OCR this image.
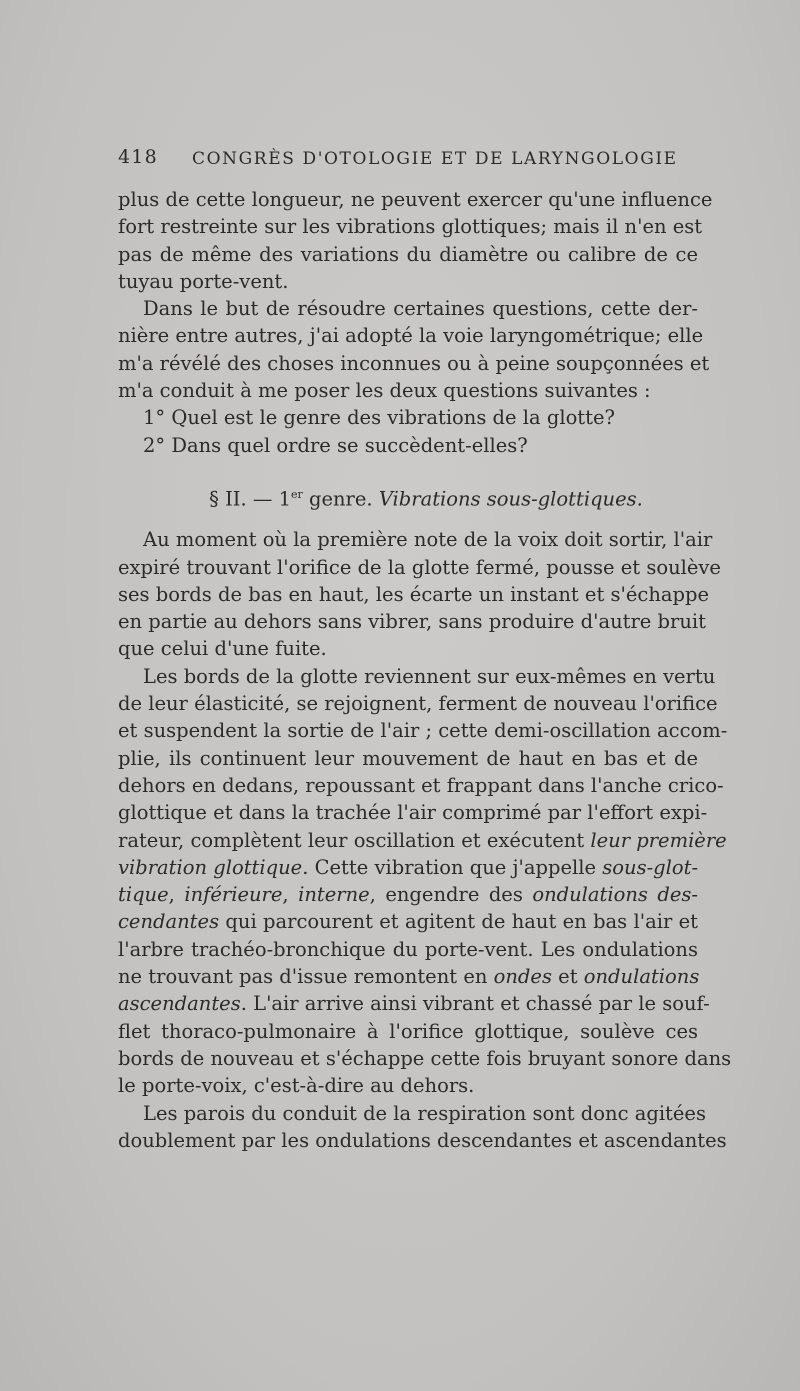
418 CONGRÈS D'OTOLOGIE ET DE LARYNGOLOGIE
plus de cette longueur, ne peuvent exercer qu'une influence
fort restreinte sur les vibrations glottiques; mais il n'en est
pas de même des variations du diamètre ou calibre de ce
tuyau porte-vent.
Dans le but de résoudre certaines questions, cette der-
nière entre autres, j'ai adopté la voie laryngométrique; elle
m'a révélé des choses inconnues ou à peine soupçonnées et
m'a conduit à me poser les deux questions suivantes :
1° Quel est le genre des vibrations de la glotte?
2° Dans quel ordre se succèdent-elles?
§ II. — 1er genre. Vibrations sous-glottiques.
Au moment où la première note de la voix doit sortir, l'air
expiré trouvant l'orifice de la glotte fermé, pousse et soulève
ses bords de bas en haut, les écarte un instant et s'échappe
en partie au dehors sans vibrer, sans produire d'autre bruit
que celui d'une fuite.
Les bords de la glotte reviennent sur eux-mêmes en vertu
de leur élasticité, se rejoignent, ferment de nouveau l'orifice
et suspendent la sortie de l'air ; cette demi-oscillation accom-
plie, ils continuent leur mouvement de haut en bas et de
dehors en dedans, repoussant et frappant dans l'anche crico-
glottique et dans la trachée l'air comprimé par l'effort expi-
rateur, complètent leur oscillation et exécutent leur première
vibration glottique. Cette vibration que j'appelle sous-glot-
tique, inférieure, interne, engendre des ondulations des-
cendantes qui parcourent et agitent de haut en bas l'air et
l'arbre trachéo-bronchique du porte-vent. Les ondulations
ne trouvant pas d'issue remontent en ondes et ondulations
ascendantes. L'air arrive ainsi vibrant et chassé par le souf-
flet thoraco-pulmonaire à l'orifice glottique, soulève ces
bords de nouveau et s'échappe cette fois bruyant sonore dans
le porte-voix, c'est-à-dire au dehors.
Les parois du conduit de la respiration sont donc agitées
doublement par les ondulations descendantes et ascendantes
